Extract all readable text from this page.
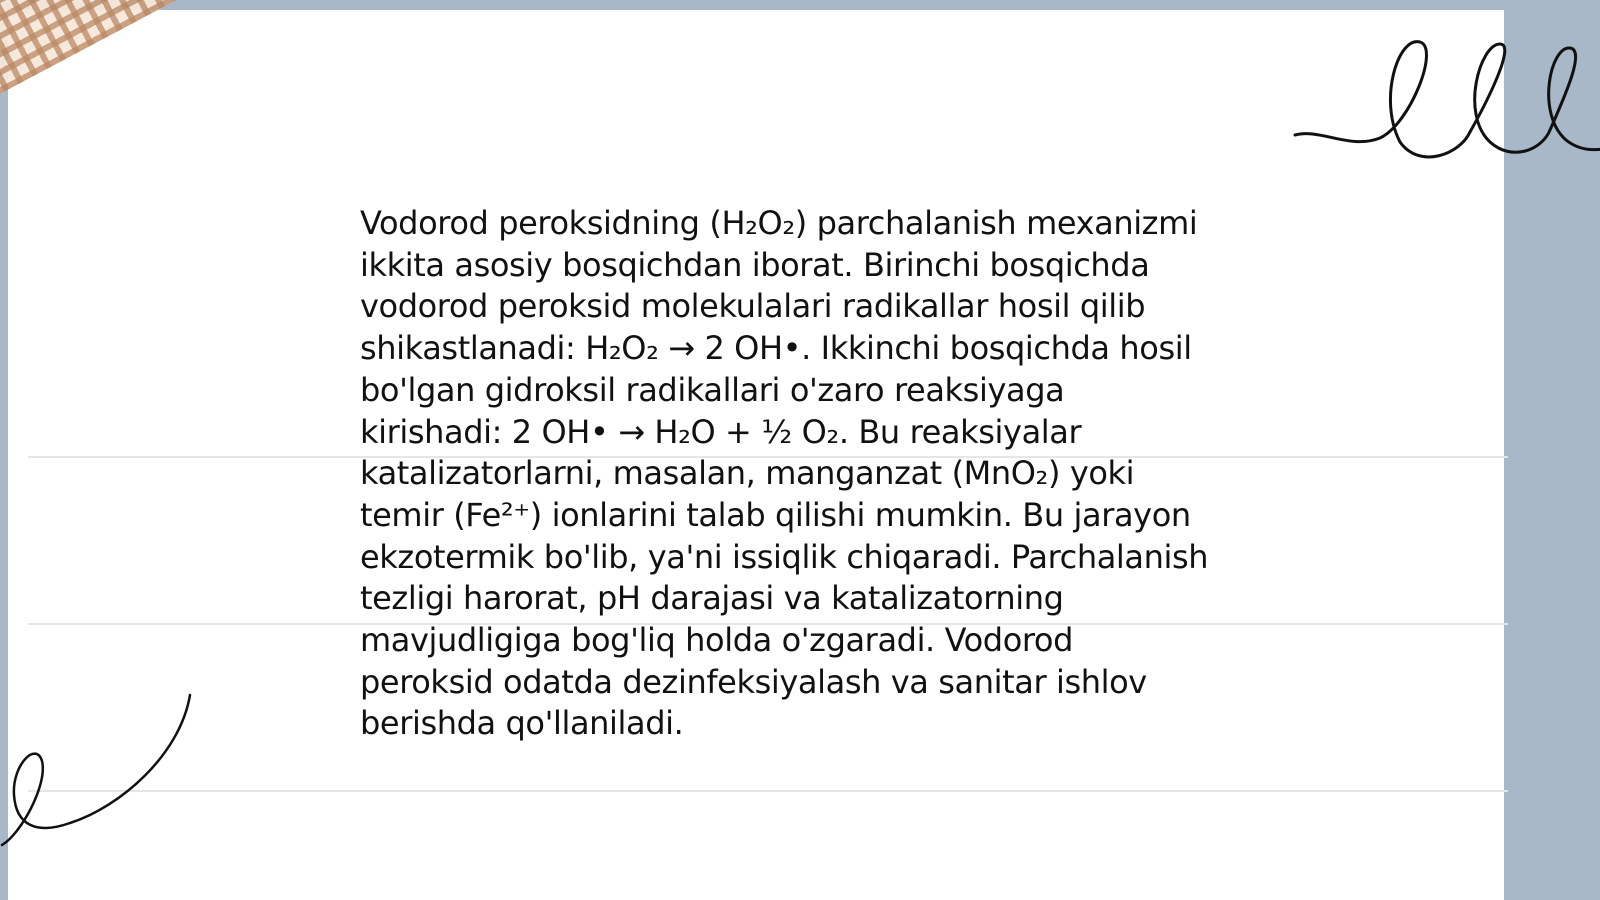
Vodorod peroksidning (H₂O₂) parchalanish mexanizmi
ikkita asosiy bosqichdan iborat. Birinchi bosqichda
vodorod peroksid molekulalari radikallar hosil qilib
shikastlanadi: H₂O₂ → 2 OH•. Ikkinchi bosqichda hosil
bo'lgan gidroksil radikallari o'zaro reaksiyaga
kirishadi: 2 OH• → H₂O + ½ O₂. Bu reaksiyalar
katalizatorlarni, masalan, manganzat (MnO₂) yoki
temir (Fe²⁺) ionlarini talab qilishi mumkin. Bu jarayon
ekzotermik bo'lib, ya'ni issiqlik chiqaradi. Parchalanish
tezligi harorat, pH darajasi va katalizatorning
mavjudligiga bog'liq holda o'zgaradi. Vodorod
peroksid odatda dezinfeksiyalash va sanitar ishlov
berishda qo'llaniladi.
